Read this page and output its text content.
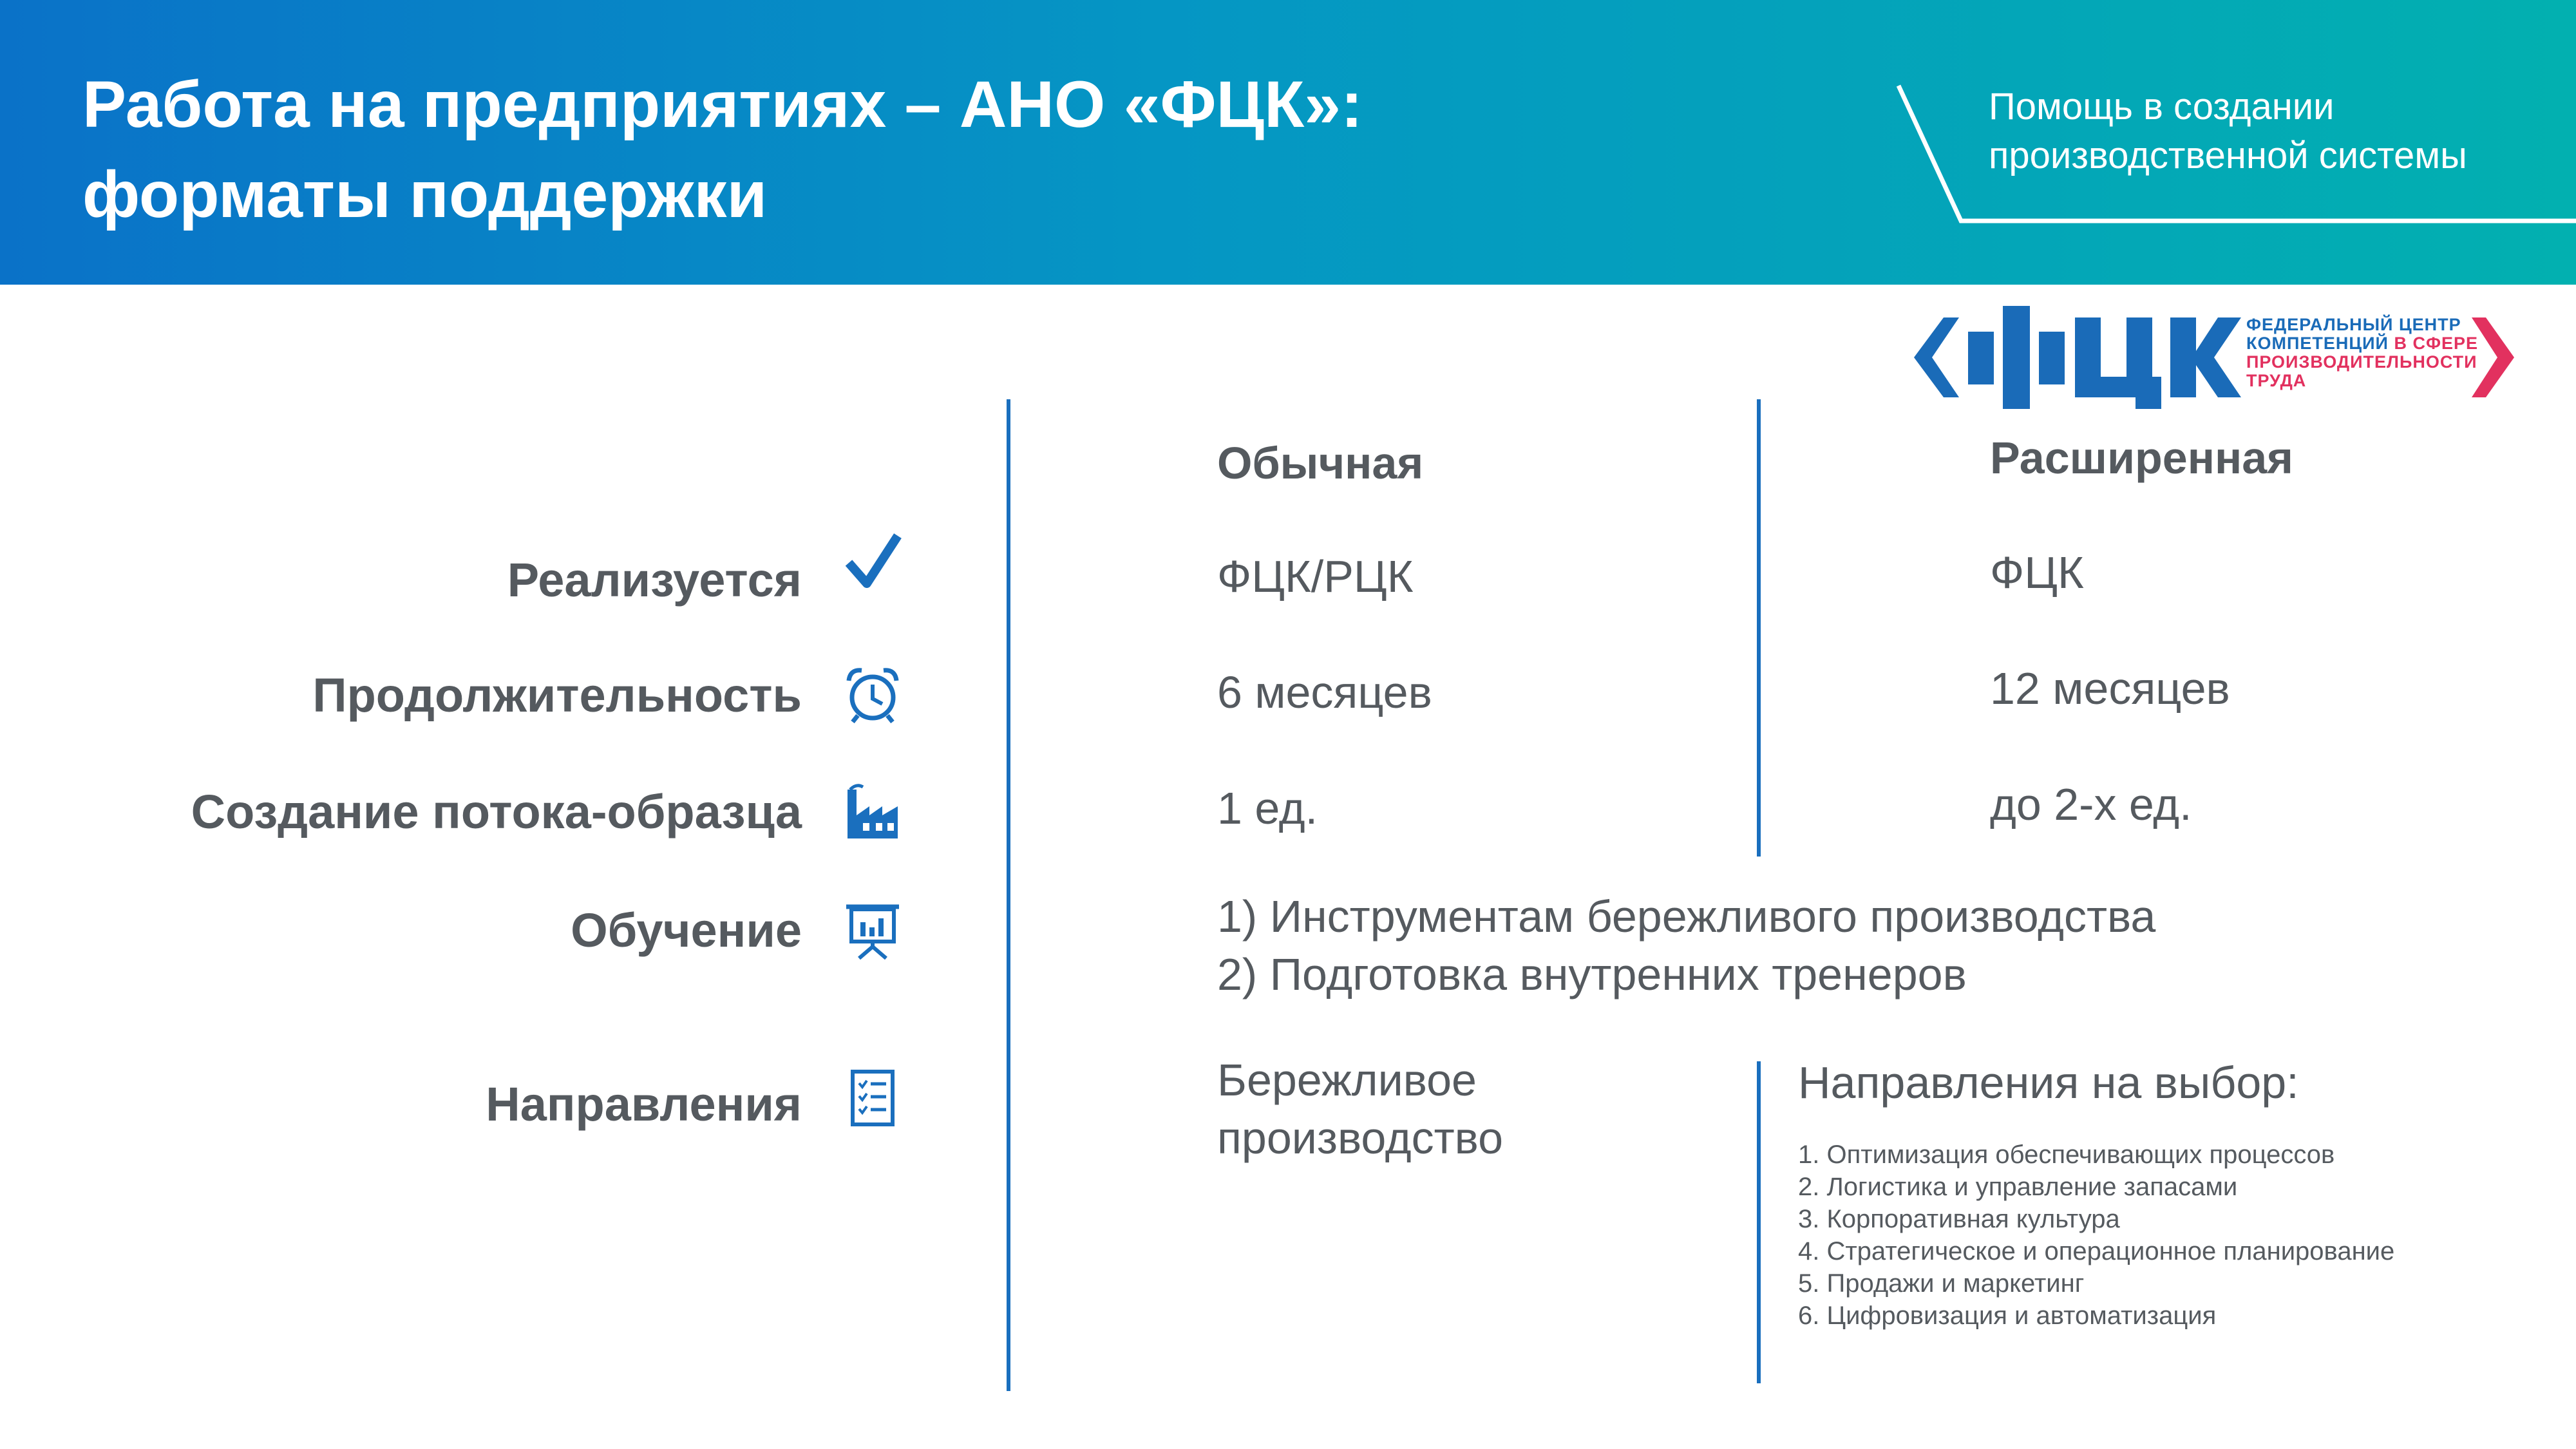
Работа на предприятиях – АНО «ФЦК»:
форматы поддержки
Помощь в создании
производственной системы
ФЕДЕРАЛЬНЫЙ ЦЕНТР
КОМПЕТЕНЦИЙ В СФЕРЕ
ПРОИЗВОДИТЕЛЬНОСТИ
ТРУДА
Обычная	Расширенная
Реализуется
Продолжительность
Создание потока-образца
Обучение
Направления
ФЦК/РЦК
6 месяцев
1 ед.
ФЦК
12 месяцев
до 2-х ед.
1) Инструментам бережливого производства
2) Подготовка внутренних тренеров
Бережливое
производство
Направления на выбор:
1. Оптимизация обеспечивающих процессов
2. Логистика и управление запасами
3. Корпоративная культура
4. Стратегическое и операционное планирование
5. Продажи и маркетинг
6. Цифровизация и автоматизация
